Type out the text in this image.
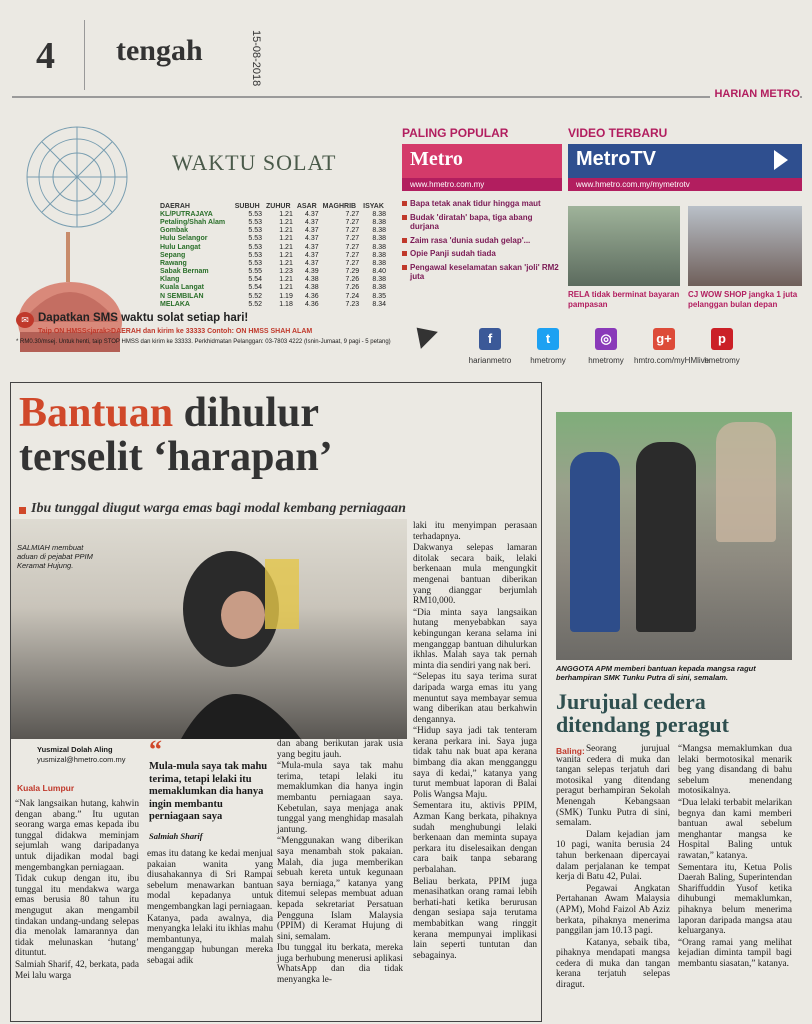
4 tengah	15-08-2018
HARIAN METRO
WAKTU SOLAT
DAERAH	SUBUH	ZUHUR	ASAR	MAGHRIB	ISYAK
KL/PUTRAJAYA	5.53	1.21	4.37	7.27	8.38
Petaling/Shah Alam	5.53	1.21	4.37	7.27	8.38
Gombak	5.53	1.21	4.37	7.27	8.38
Hulu Selangor	5.53	1.21	4.37	7.27	8.38
Hulu Langat	5.53	1.21	4.37	7.27	8.38
Sepang	5.53	1.21	4.37	7.27	8.38
Rawang	5.53	1.21	4.37	7.27	8.38
Sabak Bernam	5.55	1.23	4.39	7.29	8.40
Klang	5.54	1.21	4.38	7.26	8.38
Kuala Langat	5.54	1.21	4.38	7.26	8.38
N SEMBILAN	5.52	1.19	4.36	7.24	8.35
MELAKA	5.52	1.18	4.36	7.23	8.34
✉ Dapatkan SMS waktu solat setiap hari!
Taip ON HMSS<jarak>DAERAH dan kirim ke 33333 Contoh: ON HMSS SHAH ALAM
* RM0.30/msej. Untuk henti, taip STOP HMSS dan kirim ke 33333. Perkhidmatan Pelanggan: 03-7803 4222 (Isnin-Jumaat, 9 pagi - 5 petang)
PALING POPULAR
Metro
www.hmetro.com.my
Bapa tetak anak tidur hingga maut
Budak 'diratah' bapa, tiga abang durjana
Zaim rasa 'dunia sudah gelap'...
Opie Panji sudah tiada
Pengawal keselamatan sakan 'joli' RM2 juta
VIDEO TERBARU
MetroTV
www.hmetro.com.my/mymetrotv
RELA tidak berminat bayaran pampasan
CJ WOW SHOP jangka 1 juta pelanggan bulan depan
f
harianmetro
t
hmetromy
◎
hmetromy
g+
hmtro.com/myHMlive
p
hmetromy
Bantuan dihulur
terselit ‘harapan’
Ibu tunggal diugut warga emas bagi modal kembang perniagaan
SALMIAH membuat aduan di pejabat PPIM Keramat Hujung.
Yusmizal Dolah Aling
yusmizal@hmetro.com.my “
Mula-mula saya tak mahu terima, tetapi lelaki itu memaklumkan dia hanya ingin membantu perniagaan saya
Salmiah Sharif
Kuala Lumpur

“Nak langsaikan hutang, kahwin dengan abang.” Itu ugutan seorang warga emas kepada ibu tunggal didakwa meminjam sejumlah wang daripadanya untuk dijadikan modal bagi mengembangkan perniagaan.

Tidak cukup dengan itu, ibu tunggal itu mendakwa warga emas berusia 80 tahun itu mengugut akan mengambil tindakan undang-undang selepas dia menolak lamarannya dan tidak melunaskan ‘hutang’ dituntut.

Salmiah Sharif, 42, berkata, pada Mei lalu warga

emas itu datang ke kedai menjual pakaian wanita yang diusahakannya di Sri Rampai sebelum menawarkan bantuan modal kepadanya untuk mengembangkan lagi perniagaan.

Katanya, pada awalnya, dia menyangka lelaki itu ikhlas mahu membantunya, malah menganggap hubungan mereka sebagai adik

dan abang berikutan jarak usia yang begitu jauh.

“Mula-mula saya tak mahu terima, tetapi lelaki itu memaklumkan dia hanya ingin membantu perniagaan saya. Kebetulan, saya menjaga anak tunggal yang menghidap masalah jantung.

“Menggunakan wang diberikan saya menambah stok pakaian. Malah, dia juga memberikan sebuah kereta untuk kegunaan saya berniaga,” katanya yang ditemui selepas membuat aduan kepada sekretariat Persatuan Pengguna Islam Malaysia (PPIM) di Keramat Hujung di sini, semalam.

Ibu tunggal itu berkata, mereka juga berhubung menerusi aplikasi WhatsApp dan dia tidak menyangka le-

laki itu menyimpan perasaan terhadapnya.

Dakwanya selepas lamaran ditolak secara baik, lelaki berkenaan mula mengungkit mengenai bantuan diberikan yang dianggar berjumlah RM10,000.

“Dia minta saya langsaikan hutang menyebabkan saya kebingungan kerana selama ini menganggap bantuan dihulurkan ikhlas. Malah saya tak pernah minta dia sendiri yang nak beri.

“Selepas itu saya terima surat daripada warga emas itu yang menuntut saya membayar semua wang diberikan atau berkahwin dengannya.

“Hidup saya jadi tak tenteram kerana perkara ini. Saya juga tidak tahu nak buat apa kerana bimbang dia akan mengganggu saya di kedai,” katanya yang turut membuat laporan di Balai Polis Wangsa Maju.

Sementara itu, aktivis PPIM, Azman Kang berkata, pihaknya sudah menghubungi lelaki berkenaan dan meminta supaya perkara itu diselesaikan dengan cara baik tanpa sebarang perbalahan.

Beliau berkata, PPIM juga menasihatkan orang ramai lebih berhati-hati ketika berurusan dengan sesiapa saja terutama membabitkan wang ringgit kerana mempunyai implikasi lain seperti tuntutan dan sebagainya.

ANGGOTA APM memberi bantuan kepada mangsa ragut berhampiran SMK Tunku Putra di sini, semalam.
Jurujual cedera ditendang peragut
Baling: Seorang jurujual wanita cedera di muka dan tangan selepas terjatuh dari motosikal yang ditendang peragut berhampiran Sekolah Menengah Kebangsaan (SMK) Tunku Putra di sini, semalam.

Dalam kejadian jam 10 pagi, wanita berusia 24 tahun berkenaan dipercayai dalam perjalanan ke tempat kerja di Batu 42, Pulai.

Pegawai Angkatan Pertahanan Awam Malaysia (APM), Mohd Faizol Ab Aziz berkata, pihaknya menerima panggilan jam 10.13 pagi.

Katanya, sebaik tiba, pihaknya mendapati mangsa cedera di muka dan tangan kerana terjatuh selepas diragut.

“Mangsa memaklumkan dua lelaki bermotosikal menarik beg yang disandang di bahu sebelum menendang motosikalnya.

“Dua lelaki terbabit melarikan begnya dan kami memberi bantuan awal sebelum menghantar mangsa ke Hospital Baling untuk rawatan,” katanya.

Sementara itu, Ketua Polis Daerah Baling, Superintendan Shariffuddin Yusof ketika dihubungi memaklumkan, pihaknya belum menerima laporan daripada mangsa atau keluarganya.

“Orang ramai yang melihat kejadian diminta tampil bagi membantu siasatan,” katanya.
